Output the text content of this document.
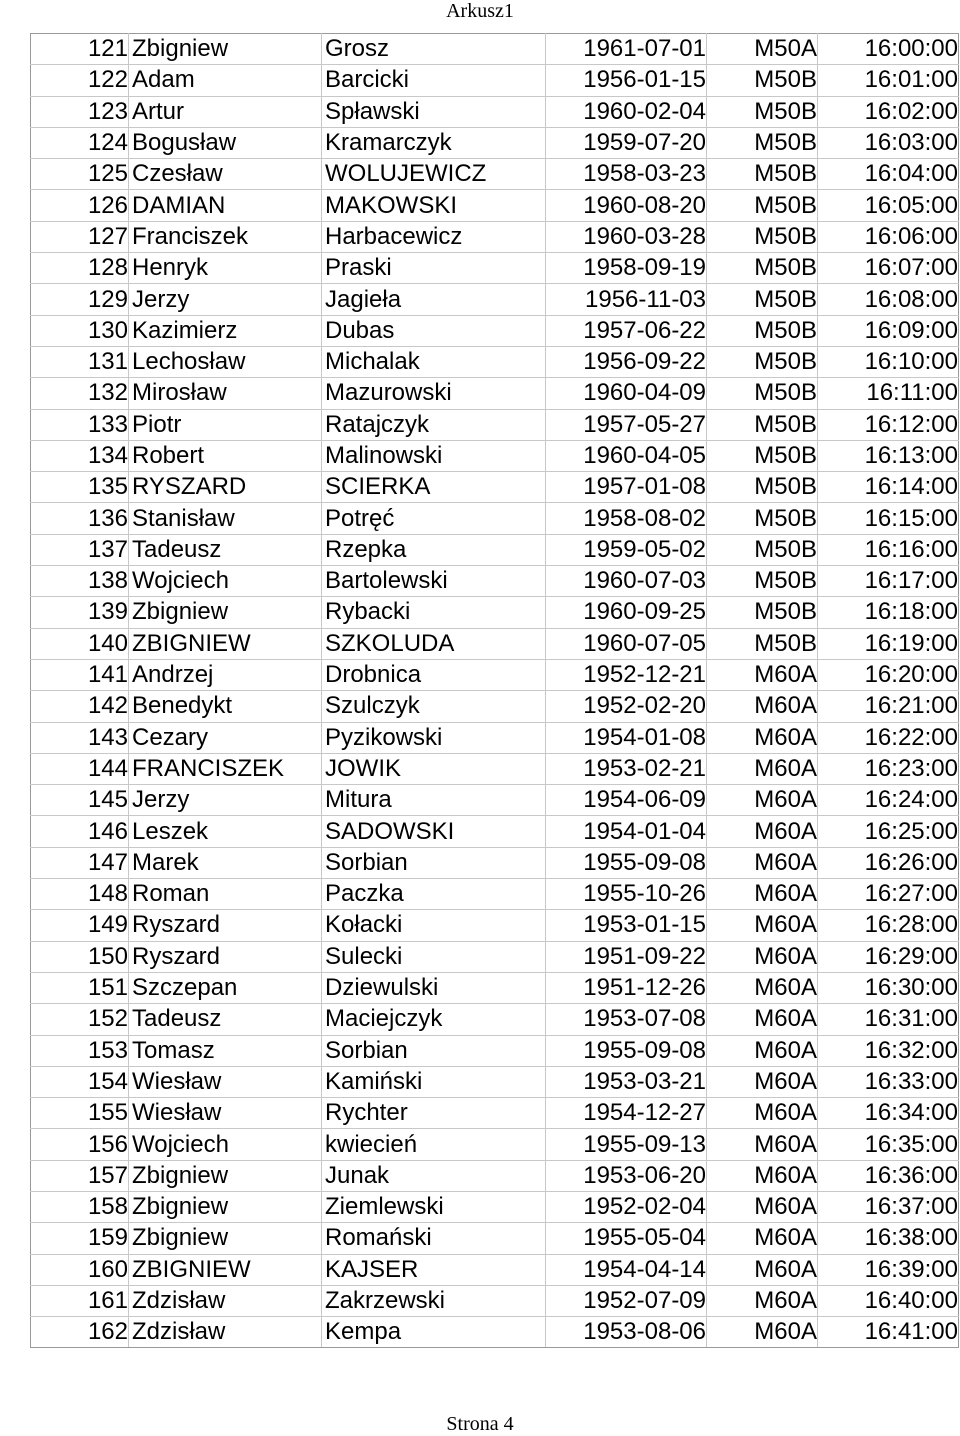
Arkusz1
121	Zbigniew	Grosz	1961-07-01	M50A	16:00:00
122	Adam	Barcicki	1956-01-15	M50B	16:01:00
123	Artur	Spławski	1960-02-04	M50B	16:02:00
124	Bogusław	Kramarczyk	1959-07-20	M50B	16:03:00
125	Czesław	WOLUJEWICZ	1958-03-23	M50B	16:04:00
126	DAMIAN	MAKOWSKI	1960-08-20	M50B	16:05:00
127	Franciszek	Harbacewicz	1960-03-28	M50B	16:06:00
128	Henryk	Praski	1958-09-19	M50B	16:07:00
129	Jerzy	Jagieła	1956-11-03	M50B	16:08:00
130	Kazimierz	Dubas	1957-06-22	M50B	16:09:00
131	Lechosław	Michalak	1956-09-22	M50B	16:10:00
132	Mirosław	Mazurowski	1960-04-09	M50B	16:11:00
133	Piotr	Ratajczyk	1957-05-27	M50B	16:12:00
134	Robert	Malinowski	1960-04-05	M50B	16:13:00
135	RYSZARD	SCIERKA	1957-01-08	M50B	16:14:00
136	Stanisław	Potręć	1958-08-02	M50B	16:15:00
137	Tadeusz	Rzepka	1959-05-02	M50B	16:16:00
138	Wojciech	Bartolewski	1960-07-03	M50B	16:17:00
139	Zbigniew	Rybacki	1960-09-25	M50B	16:18:00
140	ZBIGNIEW	SZKOLUDA	1960-07-05	M50B	16:19:00
141	Andrzej	Drobnica	1952-12-21	M60A	16:20:00
142	Benedykt	Szulczyk	1952-02-20	M60A	16:21:00
143	Cezary	Pyzikowski	1954-01-08	M60A	16:22:00
144	FRANCISZEK	JOWIK	1953-02-21	M60A	16:23:00
145	Jerzy	Mitura	1954-06-09	M60A	16:24:00
146	Leszek	SADOWSKI	1954-01-04	M60A	16:25:00
147	Marek	Sorbian	1955-09-08	M60A	16:26:00
148	Roman	Paczka	1955-10-26	M60A	16:27:00
149	Ryszard	Kołacki	1953-01-15	M60A	16:28:00
150	Ryszard	Sulecki	1951-09-22	M60A	16:29:00
151	Szczepan	Dziewulski	1951-12-26	M60A	16:30:00
152	Tadeusz	Maciejczyk	1953-07-08	M60A	16:31:00
153	Tomasz	Sorbian	1955-09-08	M60A	16:32:00
154	Wiesław	Kamiński	1953-03-21	M60A	16:33:00
155	Wiesław	Rychter	1954-12-27	M60A	16:34:00
156	Wojciech	kwiecień	1955-09-13	M60A	16:35:00
157	Zbigniew	Junak	1953-06-20	M60A	16:36:00
158	Zbigniew	Ziemlewski	1952-02-04	M60A	16:37:00
159	Zbigniew	Romański	1955-05-04	M60A	16:38:00
160	ZBIGNIEW	KAJSER	1954-04-14	M60A	16:39:00
161	Zdzisław	Zakrzewski	1952-07-09	M60A	16:40:00
162	Zdzisław	Kempa	1953-08-06	M60A	16:41:00
Strona 4
